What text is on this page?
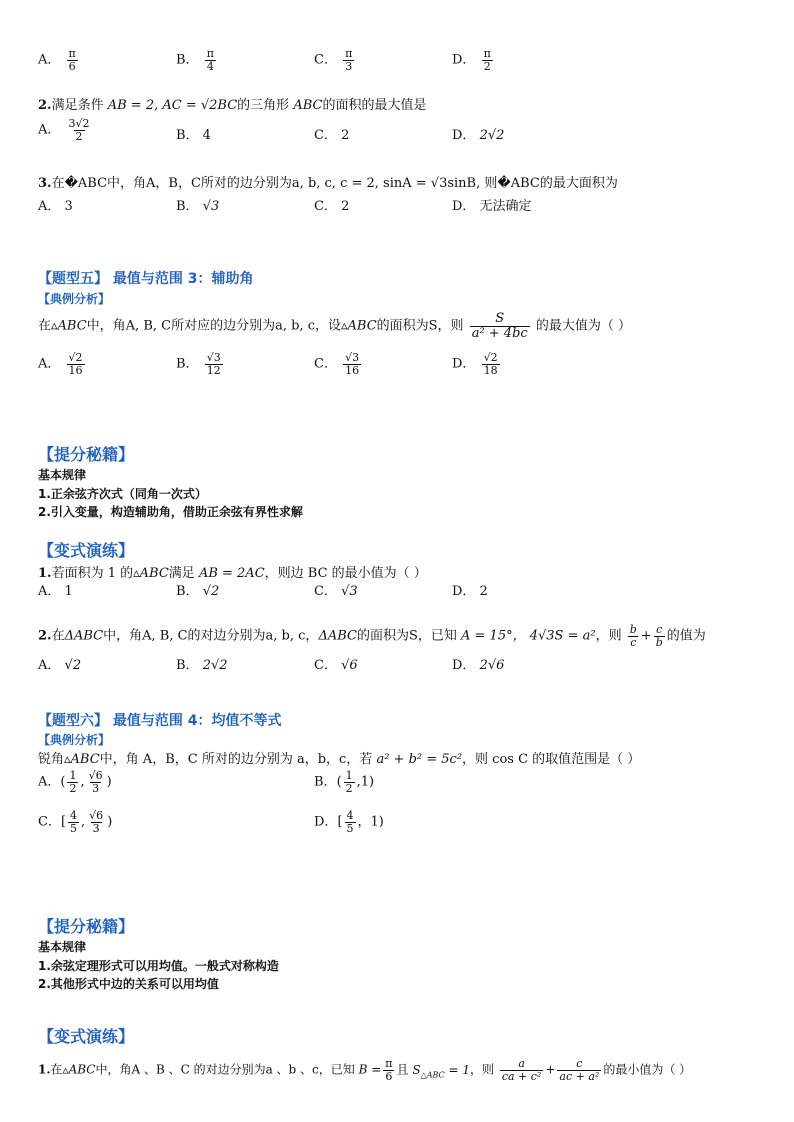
A． $\frac{\pi}{6}$	B． $\frac{\pi}{4}$	C． $\frac{\pi}{3}$	D． $\frac{\pi}{2}$
2.满足条件 AB = 2, AC = √2BC的三角形 ABC的面积的最大值是
A． $\frac{3√2}{2}$	B． 4	C． 2	D． 2√2
3.在�ABC中，角A，B，C所对的边分别为a, b, c, c = 2, sinA = √3sinB, 则�ABC的最大面积为
A． 3	B． √3	C． 2	D． 无法确定
【题型五】 最值与范围 3：辅助角
【典例分析】
在▵ABC中，角A, B, C所对应的边分别为a, b, c，设▵ABC的面积为S，则 $\frac{S}{\text{a² + 4bc}}$ 的最大值为（ ）
A． $\frac{√2}{16}$	B． $\frac{√3}{12}$	C． $\frac{√3}{16}$	D． $\frac{√2}{18}$
【提分秘籍】
基本规律
1.正余弦齐次式（同角一次式）
2.引入变量，构造辅助角，借助正余弦有界性求解
【变式演练】
1.若面积为 1 的▵ABC满足 AB = 2AC，则边 BC 的最小值为（ ）
A． 1	B． √2	C． √3	D． 2
2.在ΔABC中，角A, B, C的对边分别为a, b, c，ΔABC的面积为S，已知 A = 15°， 4√3S = a²，则 $\frac{b}{c} + \frac{c}{b}$ 的值为
A． √2	B． 2√2	C． √6	D． 2√6
【题型六】 最值与范围 4：均值不等式
【典例分析】
锐角▵ABC中，角 A，B，C 所对的边分别为 a，b，c，若 a² + b² = 5c²，则 cos C 的取值范围是（ ）
A．( $\frac{1}{2}$ , $\frac{√6}{3}$ )	B．( $\frac{1}{2} ,1$)
C．[ $\frac{4}{5}$ , $\frac{√6}{3}$ )	D．[ $\frac{4}{5}$ ，1)
【提分秘籍】
基本规律
1.余弦定理形式可以用均值。一般式对称构造
2.其他形式中边的关系可以用均值
【变式演练】
1.在▵ABC中，角A 、B 、C 的对边分别为a 、b 、c，已知 $B = \frac{\pi}{6}$ 且 $S_{\triangle ABC} = 1$，则 $\frac{a}{\text{ca + c²}} + \frac{c}{\text{ac + a²}}$ 的最小值为（ ）
